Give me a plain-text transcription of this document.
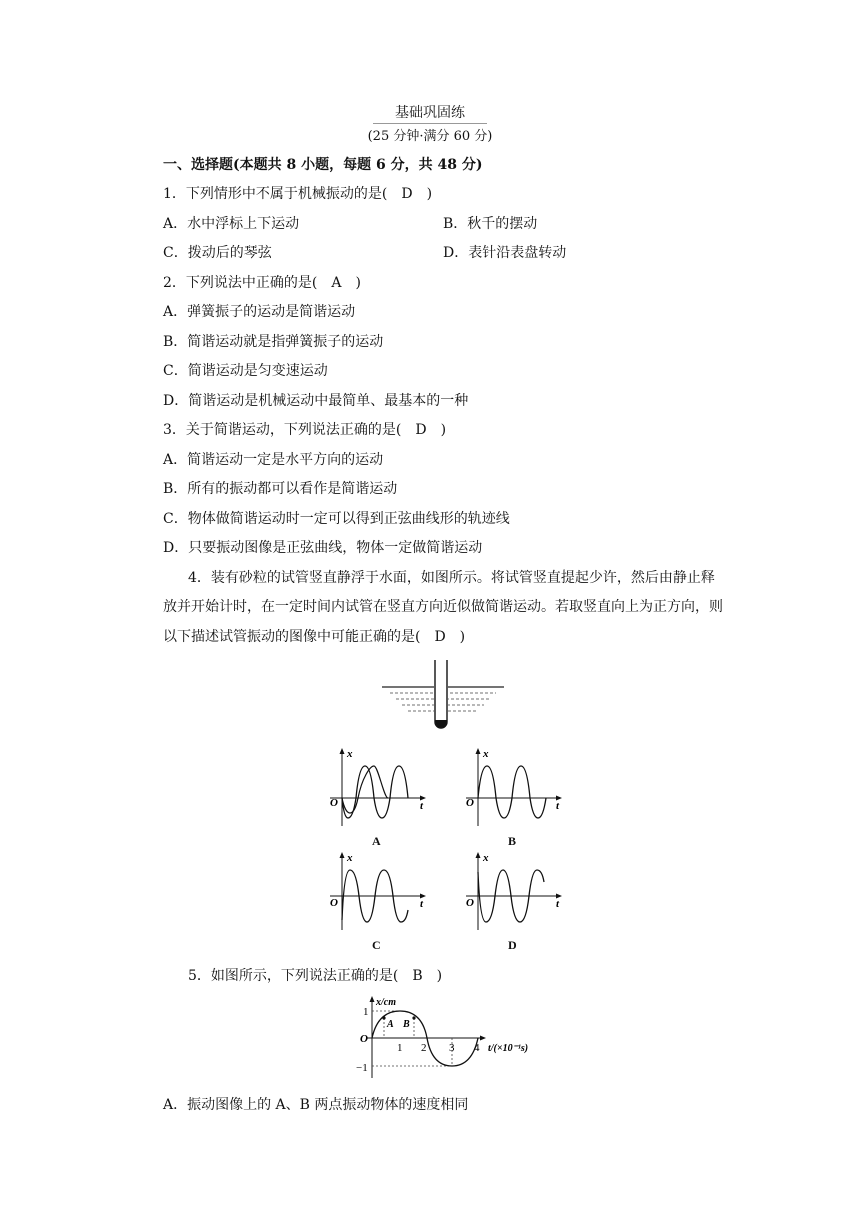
基础巩固练
(25 分钟·满分 60 分)
一、选择题(本题共 8 小题，每题 6 分，共 48 分)
1．下列情形中不属于机械振动的是(　D　)
A．水中浮标上下运动	B．秋千的摆动
C．拨动后的琴弦	D．表针沿表盘转动
2．下列说法中正确的是(　A　)
A．弹簧振子的运动是简谐运动
B．简谐运动就是指弹簧振子的运动
C．简谐运动是匀变速运动
D．简谐运动是机械运动中最简单、最基本的一种
3．关于简谐运动，下列说法正确的是(　D　)
A．简谐运动一定是水平方向的运动
B．所有的振动都可以看作是简谐运动
C．物体做简谐运动时一定可以得到正弦曲线形的轨迹线
D．只要振动图像是正弦曲线，物体一定做简谐运动
4．装有砂粒的试管竖直静浮于水面，如图所示。将试管竖直提起少许，然后由静止释
放并开始计时，在一定时间内试管在竖直方向近似做简谐运动。若取竖直向上为正方向，则
以下描述试管振动的图像中可能正确的是(　D　)
x
O	t
A
x
O	t
B
x
O	t
C
x
O	t
D
5．如图所示，下列说法正确的是(　B　)
x/cm
t/(×10⁻¹s)
O
1
−1
A B
1 2 3 4
A．振动图像上的 A、B 两点振动物体的速度相同
